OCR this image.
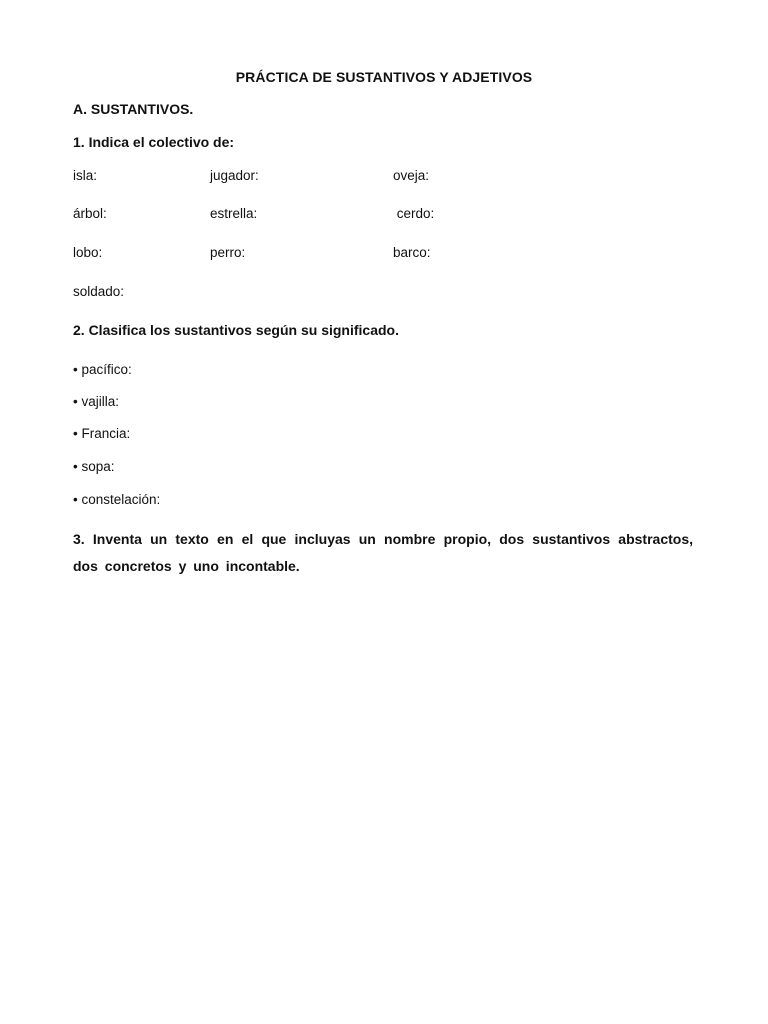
PRÁCTICA DE SUSTANTIVOS Y ADJETIVOS
A. SUSTANTIVOS.
1. Indica el colectivo de:
isla:	jugador:	oveja:
árbol:	estrella:	cerdo:
lobo:	perro:	barco:
soldado:
2. Clasifica los sustantivos según su significado.
• pacífico:
• vajilla:
• Francia:
• sopa:
• constelación:
3. Inventa un texto en el que incluyas un nombre propio, dos sustantivos abstractos, dos concretos y uno incontable.
